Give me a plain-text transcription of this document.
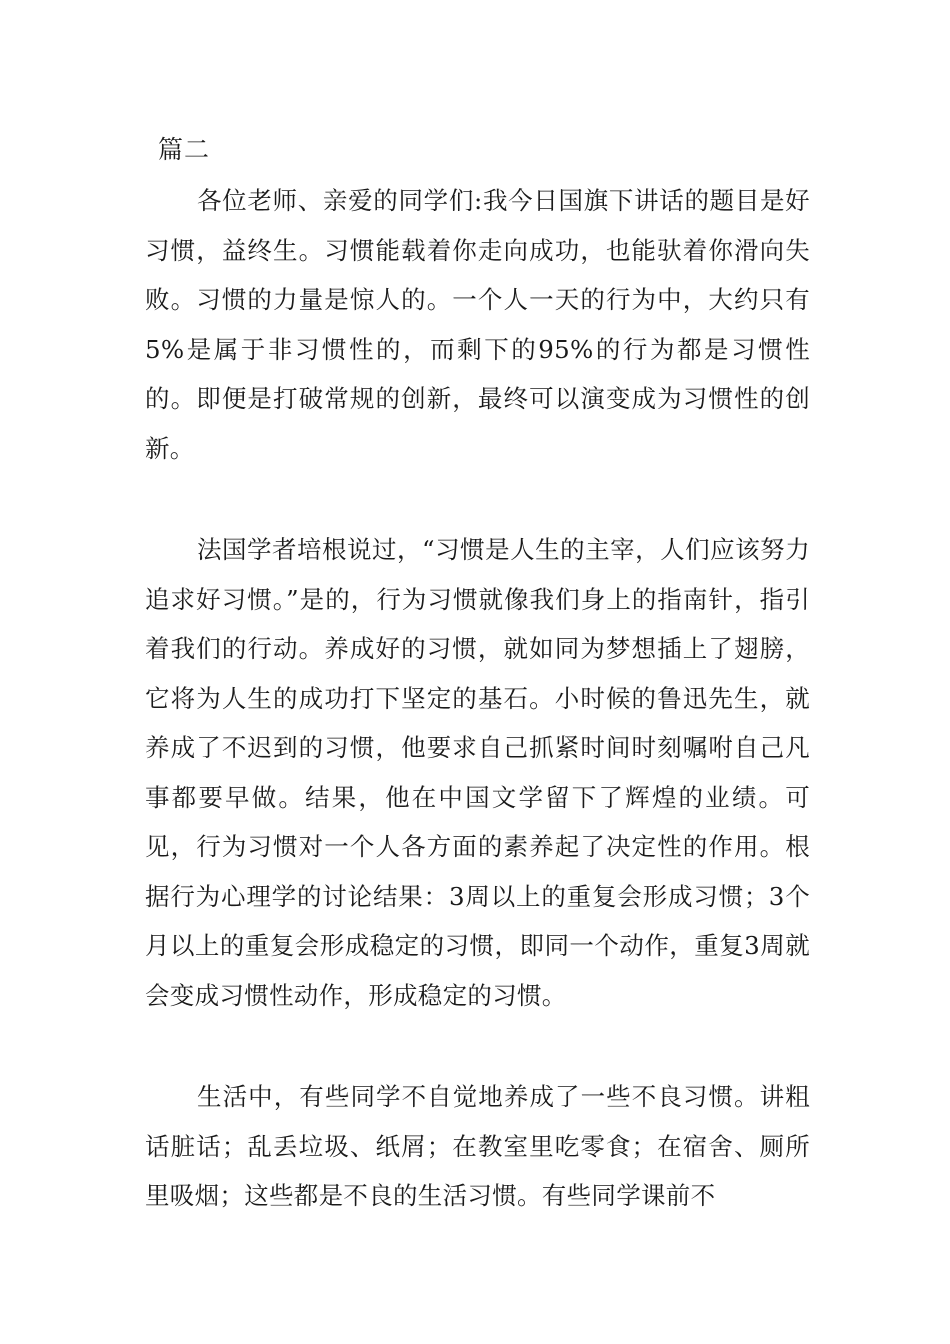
篇二

各位老师、亲爱的同学们:我今日国旗下讲话的题目是好习惯，益终生。习惯能载着你走向成功，也能驮着你滑向失败。习惯的力量是惊人的。一个人一天的行为中，大约只有5%是属于非习惯性的，而剩下的95%的行为都是习惯性的。即便是打破常规的创新，最终可以演变成为习惯性的创新。

法国学者培根说过，“习惯是人生的主宰，人们应该努力追求好习惯。”是的，行为习惯就像我们身上的指南针，指引着我们的行动。养成好的习惯，就如同为梦想插上了翅膀，它将为人生的成功打下坚定的基石。小时候的鲁迅先生，就养成了不迟到的习惯，他要求自己抓紧时间时刻嘱咐自己凡事都要早做。结果，他在中国文学留下了辉煌的业绩。可见，行为习惯对一个人各方面的素养起了决定性的作用。根据行为心理学的讨论结果：3周以上的重复会形成习惯；3个月以上的重复会形成稳定的习惯，即同一个动作，重复3周就会变成习惯性动作，形成稳定的习惯。

生活中，有些同学不自觉地养成了一些不良习惯。讲粗话脏话；乱丢垃圾、纸屑；在教室里吃零食；在宿舍、厕所里吸烟；这些都是不良的生活习惯。有些同学课前不
